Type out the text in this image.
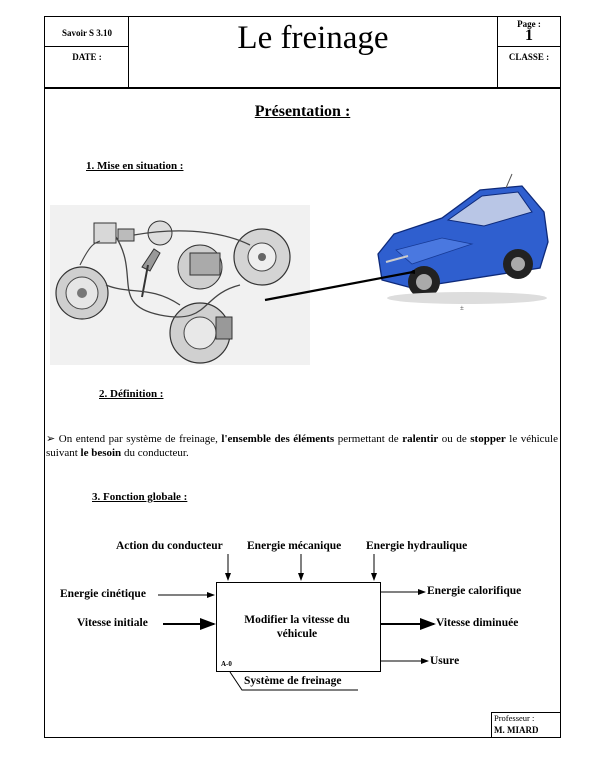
Savoir S 3.10
DATE :
Le freinage	Page :
1
CLASSE :
Présentation :
1. Mise en situation :
±
2. Définition :
➢ On entend par système de freinage, l'ensemble des éléments permettant de ralentir ou de stopper le véhicule suivant le besoin du conducteur.
3. Fonction globale :
Action du conducteur Energie mécanique Energie hydraulique
Energie cinétique
Vitesse initiale	Modifier la vitesse du véhicule
A-0
Energie calorifique
Vitesse diminuée
Usure
Système de freinage
Professeur :
M. MIARD
